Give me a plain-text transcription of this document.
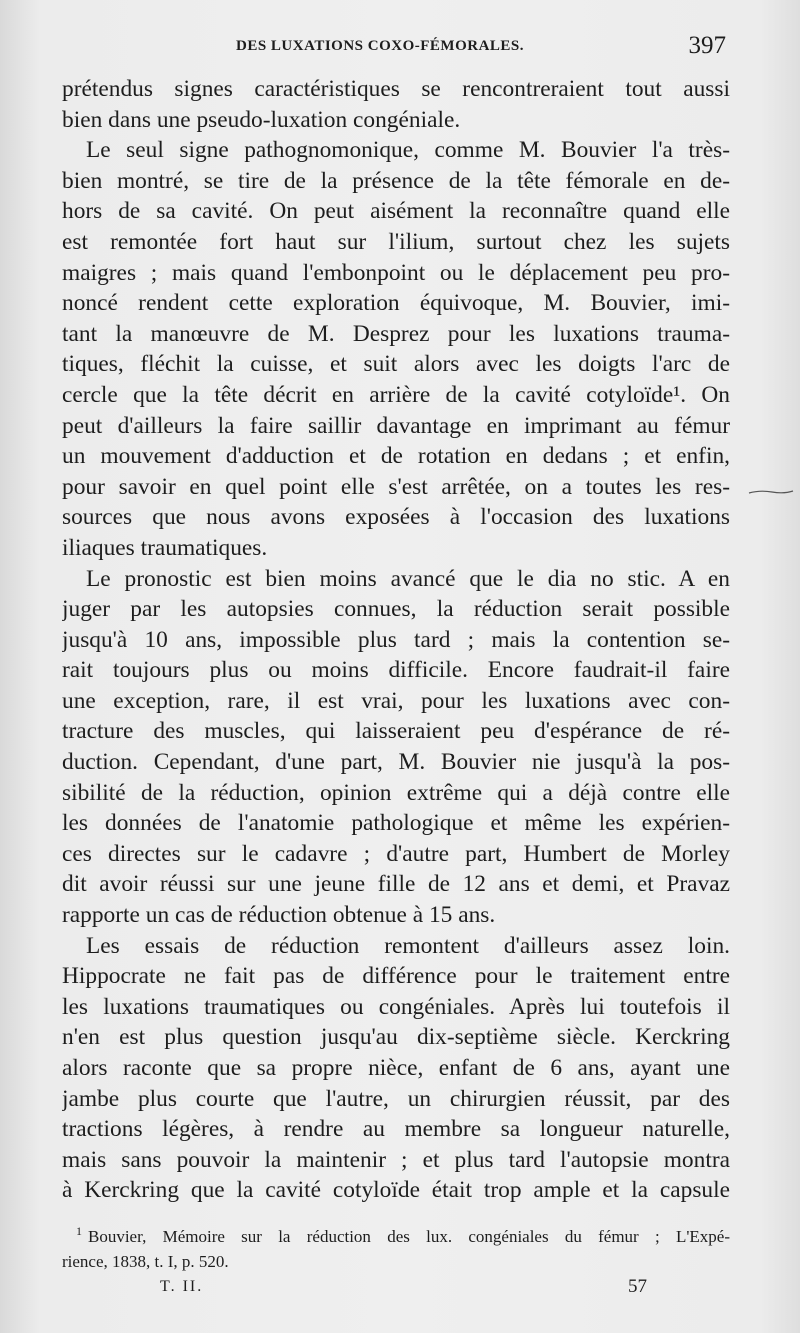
DES LUXATIONS COXO-FÉMORALES.	397
prétendus signes caractéristiques se rencontreraient tout aussi
bien dans une pseudo-luxation congéniale.
Le seul signe pathognomonique, comme M. Bouvier l'a très-
bien montré, se tire de la présence de la tête fémorale en de-
hors de sa cavité. On peut aisément la reconnaître quand elle
est remontée fort haut sur l'ilium, surtout chez les sujets
maigres ; mais quand l'embonpoint ou le déplacement peu pro-
noncé rendent cette exploration équivoque, M. Bouvier, imi-
tant la manœuvre de M. Desprez pour les luxations trauma-
tiques, fléchit la cuisse, et suit alors avec les doigts l'arc de
cercle que la tête décrit en arrière de la cavité cotyloïde¹. On
peut d'ailleurs la faire saillir davantage en imprimant au fémur
un mouvement d'adduction et de rotation en dedans ; et enfin,
pour savoir en quel point elle s'est arrêtée, on a toutes les res-
sources que nous avons exposées à l'occasion des luxations
iliaques traumatiques.
Le pronostic est bien moins avancé que le dia no stic. A en
juger par les autopsies connues, la réduction serait possible
jusqu'à 10 ans, impossible plus tard ; mais la contention se-
rait toujours plus ou moins difficile. Encore faudrait-il faire
une exception, rare, il est vrai, pour les luxations avec con-
tracture des muscles, qui laisseraient peu d'espérance de ré-
duction. Cependant, d'une part, M. Bouvier nie jusqu'à la pos-
sibilité de la réduction, opinion extrême qui a déjà contre elle
les données de l'anatomie pathologique et même les expérien-
ces directes sur le cadavre ; d'autre part, Humbert de Morley
dit avoir réussi sur une jeune fille de 12 ans et demi, et Pravaz
rapporte un cas de réduction obtenue à 15 ans.
Les essais de réduction remontent d'ailleurs assez loin.
Hippocrate ne fait pas de différence pour le traitement entre
les luxations traumatiques ou congéniales. Après lui toutefois il
n'en est plus question jusqu'au dix-septième siècle. Kerckring
alors raconte que sa propre nièce, enfant de 6 ans, ayant une
jambe plus courte que l'autre, un chirurgien réussit, par des
tractions légères, à rendre au membre sa longueur naturelle,
mais sans pouvoir la maintenir ; et plus tard l'autopsie montra
à Kerckring que la cavité cotyloïde était trop ample et la capsule
$^1$ Bouvier, Mémoire sur la réduction des lux. congéniales du fémur ; L'Expé-
rience, 1838, t. I, p. 520.
T. II.	57
